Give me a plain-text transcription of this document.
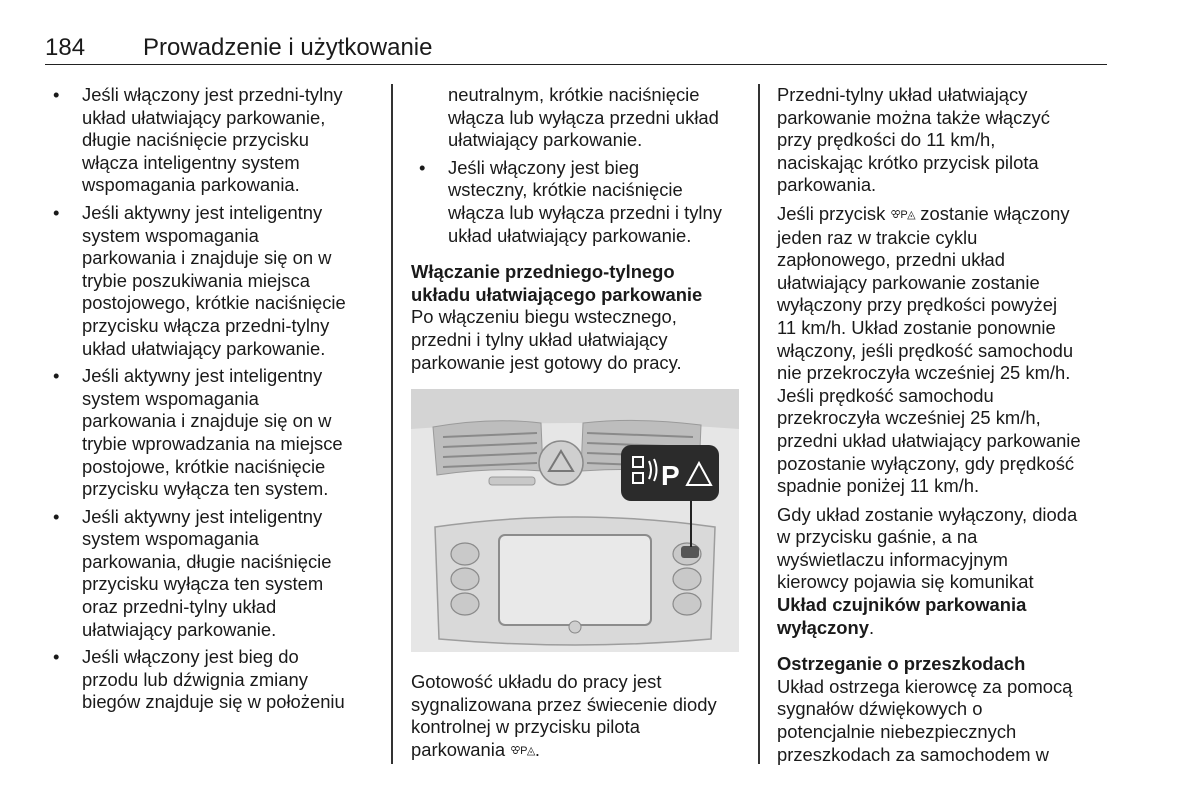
184 Prowadzenie i użytkowanie
• Jeśli włączony jest przedni-tylny
układ ułatwiający parkowanie,
długie naciśnięcie przycisku
włącza inteligentny system
wspomagania parkowania.
• Jeśli aktywny jest inteligentny
system wspomagania
parkowania i znajduje się on w
trybie poszukiwania miejsca
postojowego, krótkie naciśnięcie
przycisku włącza przedni-tylny
układ ułatwiający parkowanie.
• Jeśli aktywny jest inteligentny
system wspomagania
parkowania i znajduje się on w
trybie wprowadzania na miejsce
postojowe, krótkie naciśnięcie
przycisku wyłącza ten system.
• Jeśli aktywny jest inteligentny
system wspomagania
parkowania, długie naciśnięcie
przycisku wyłącza ten system
oraz przedni-tylny układ
ułatwiający parkowanie.
• Jeśli włączony jest bieg do
przodu lub dźwignia zmiany
biegów znajduje się w położeniu
neutralnym, krótkie naciśnięcie
włącza lub wyłącza przedni układ
ułatwiający parkowanie.
• Jeśli włączony jest bieg
wsteczny, krótkie naciśnięcie
włącza lub wyłącza przedni i tylny
układ ułatwiający parkowanie.
Włączanie przedniego-tylnego
układu ułatwiającego parkowanie

Po włączeniu biegu wstecznego,
przedni i tylny układ ułatwiający
parkowanie jest gotowy do pracy.

P
Gotowość układu do pracy jest
sygnalizowana przez świecenie diody
kontrolnej w przycisku pilota
parkowania ꕢP◬.

Przedni-tylny układ ułatwiający
parkowanie można także włączyć
przy prędkości do 11 km/h,
naciskając krótko przycisk pilota
parkowania.

Jeśli przycisk ꕢP◬ zostanie włączony
jeden raz w trakcie cyklu
zapłonowego, przedni układ
ułatwiający parkowanie zostanie
wyłączony przy prędkości powyżej
11 km/h. Układ zostanie ponownie
włączony, jeśli prędkość samochodu
nie przekroczyła wcześniej 25 km/h.
Jeśli prędkość samochodu
przekroczyła wcześniej 25 km/h,
przedni układ ułatwiający parkowanie
pozostanie wyłączony, gdy prędkość
spadnie poniżej 11 km/h.

Gdy układ zostanie wyłączony, dioda
w przycisku gaśnie, a na
wyświetlaczu informacyjnym
kierowcy pojawia się komunikat
Układ czujników parkowania
wyłączony.

Ostrzeganie o przeszkodach

Układ ostrzega kierowcę za pomocą
sygnałów dźwiękowych o
potencjalnie niebezpiecznych
przeszkodach za samochodem w
